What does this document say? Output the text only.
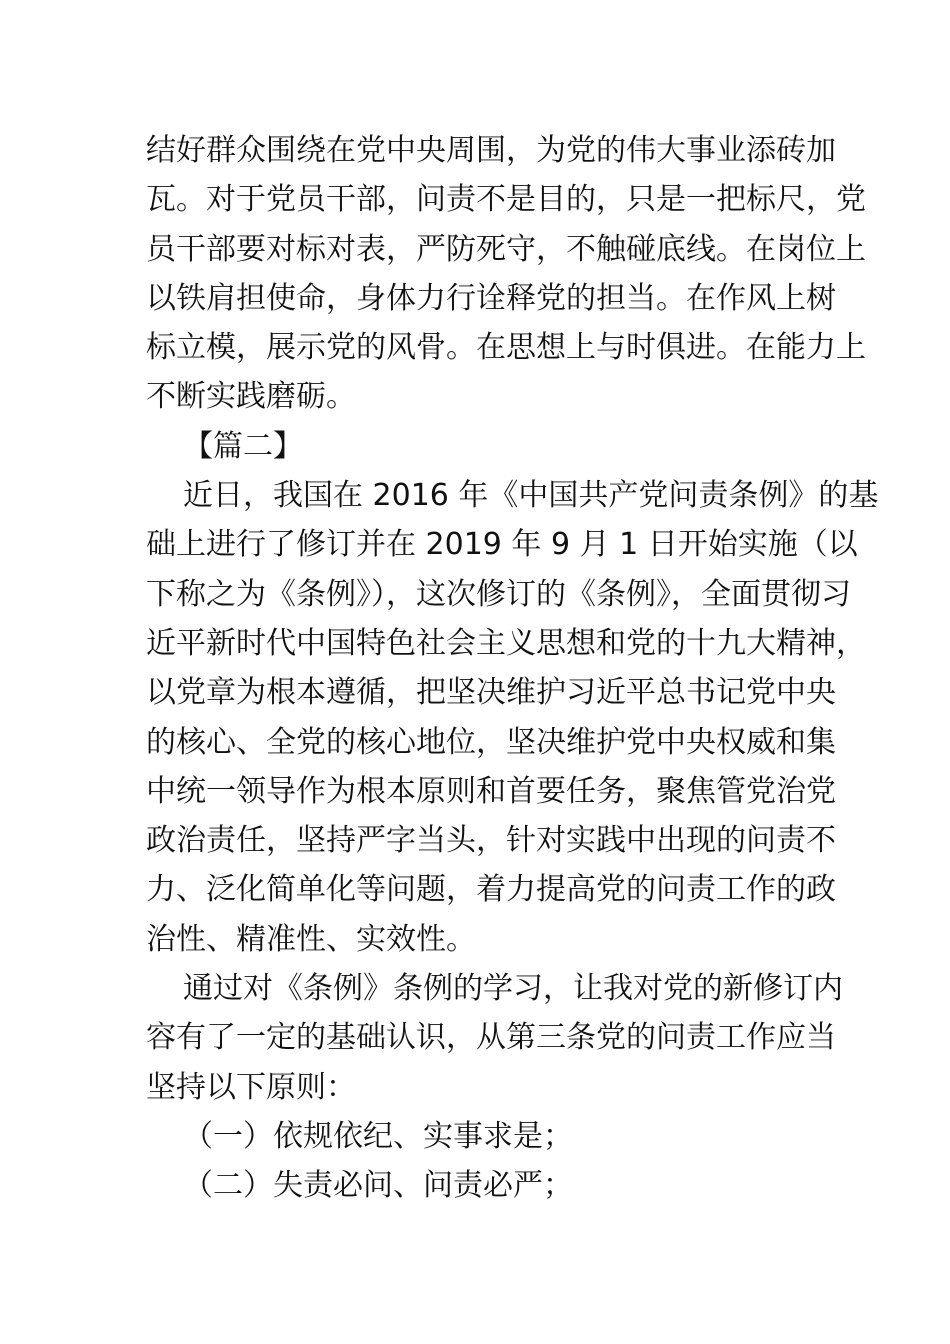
结好群众围绕在党中央周围，为党的伟大事业添砖加
瓦。对于党员干部，问责不是目的，只是一把标尺，党
员干部要对标对表，严防死守，不触碰底线。在岗位上
以铁肩担使命，身体力行诠释党的担当。在作风上树
标立模，展示党的风骨。在思想上与时俱进。在能力上
不断实践磨砺。
【篇二】
近日，我国在 2016 年《中国共产党问责条例》的基
础上进行了修订并在 2019 年 9 月 1 日开始实施（以
下称之为《条例》），这次修订的《条例》，全面贯彻习
近平新时代中国特色社会主义思想和党的十九大精神，
以党章为根本遵循，把坚决维护习近平总书记党中央
的核心、全党的核心地位，坚决维护党中央权威和集
中统一领导作为根本原则和首要任务，聚焦管党治党
政治责任，坚持严字当头，针对实践中出现的问责不
力、泛化简单化等问题，着力提高党的问责工作的政
治性、精准性、实效性。
通过对《条例》条例的学习，让我对党的新修订内
容有了一定的基础认识，从第三条党的问责工作应当
坚持以下原则：
（一）依规依纪、实事求是；
（二）失责必问、问责必严；
